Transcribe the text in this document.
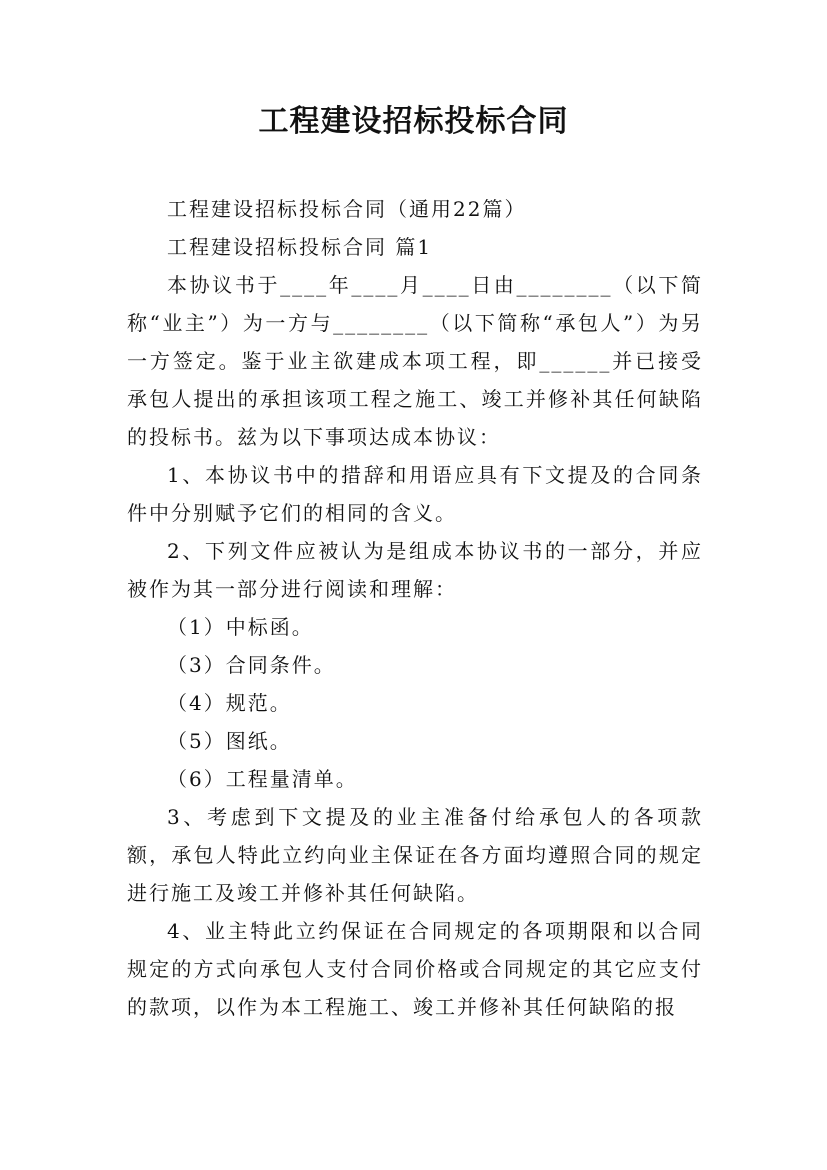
工程建设招标投标合同

工程建设招标投标合同（通用22篇）

工程建设招标投标合同 篇1

本协议书于____年____月____日由________（以下简称“业主”）为一方与________（以下简称“承包人”）为另一方签定。鉴于业主欲建成本项工程，即______并已接受承包人提出的承担该项工程之施工、竣工并修补其任何缺陷的投标书。兹为以下事项达成本协议：

1、本协议书中的措辞和用语应具有下文提及的合同条件中分别赋予它们的相同的含义。

2、下列文件应被认为是组成本协议书的一部分，并应被作为其一部分进行阅读和理解：

（1）中标函。

（3）合同条件。

（4）规范。

（5）图纸。

（6）工程量清单。

3、考虑到下文提及的业主准备付给承包人的各项款额，承包人特此立约向业主保证在各方面均遵照合同的规定进行施工及竣工并修补其任何缺陷。

4、业主特此立约保证在合同规定的各项期限和以合同规定的方式向承包人支付合同价格或合同规定的其它应支付的款项，以作为本工程施工、竣工并修补其任何缺陷的报
